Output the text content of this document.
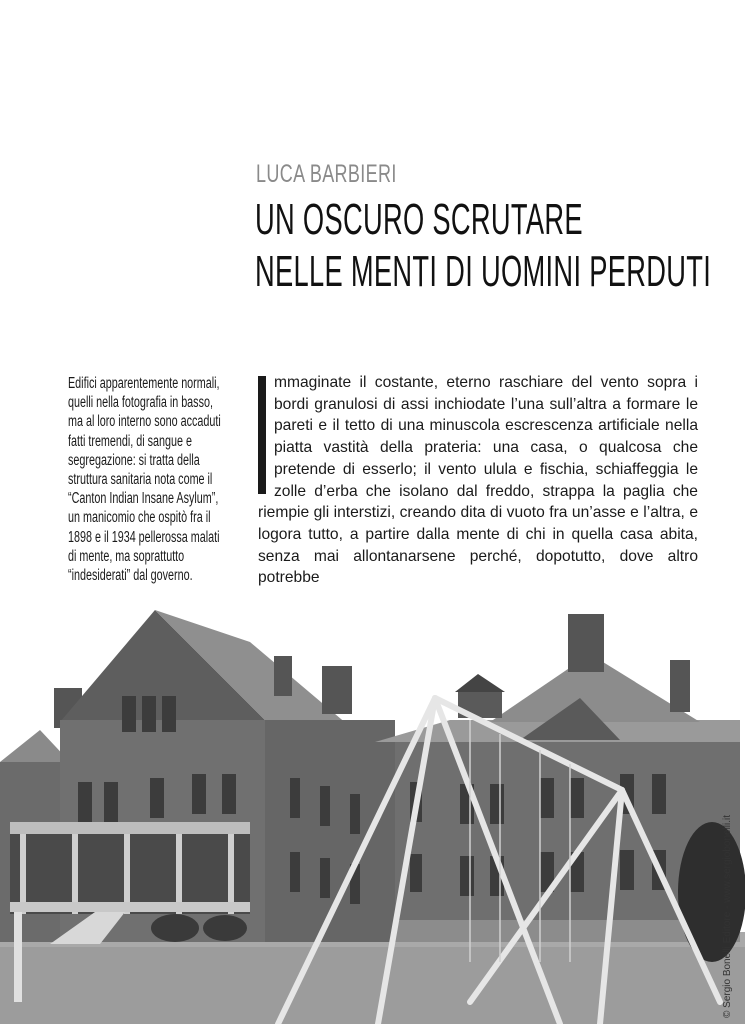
LUCA BARBIERI
UN OSCURO SCRUTARE
NELLE MENTI DI UOMINI PERDUTI

Edifici apparentemente normali, quelli nella fotografia in basso, ma al loro interno sono accaduti fatti tremendi, di sangue e segregazione: si tratta della struttura sanitaria nota come il “Canton Indian Insane Asylum”, un manicomio che ospitò fra il 1898 e il 1934 pellerossa malati di mente, ma soprattutto “indesiderati” dal governo.

mmaginate il costante, eterno raschiare del vento sopra i bordi granulosi di assi inchiodate l’una sull’altra a formare le pareti e il tetto di una minuscola escrescenza artificiale nella piatta vastità della prateria: una casa, o qualcosa che pretende di esserlo; il vento ulula e fischia, schiaffeggia le zolle d’erba che isolano dal freddo, strappa la paglia che riempie gli interstizi, creando dita di vuoto fra un’asse e l’altra, e logora tutto, a partire dalla mente di chi in quella casa abita, senza mai allontanarsene perché, dopotutto, dove altro potrebbe
© Sergio Bonelli Editore - www.sergiobonelli.it
